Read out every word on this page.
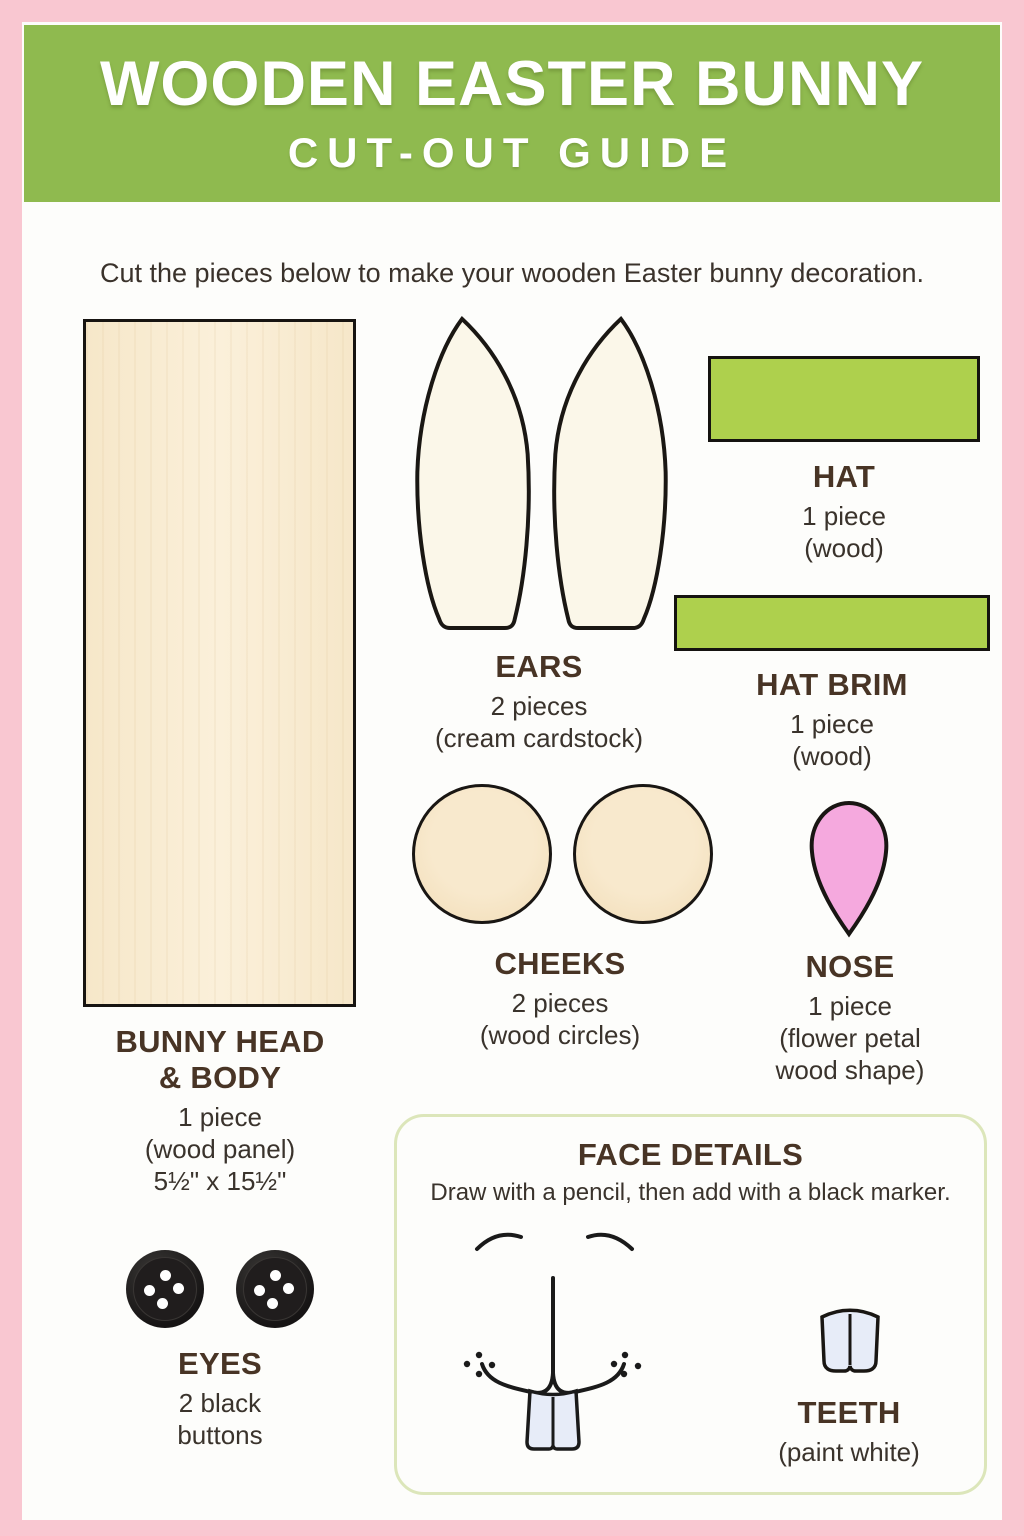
WOODEN EASTER BUNNY
CUT-OUT GUIDE

Cut the pieces below to make your wooden Easter bunny decoration.

EARS
2 pieces
(cream cardstock)
HAT
1 piece
(wood)
HAT BRIM
1 piece
(wood)
CHEEKS
2 pieces
(wood circles)
NOSE
1 piece
(flower petal
wood shape)
BUNNY HEAD
& BODY
1 piece
(wood panel)
5½" x 15½"
EYES
2 black
buttons
FACE DETAILS
Draw with a pencil, then add with a black marker.
TEETH
(paint white)
